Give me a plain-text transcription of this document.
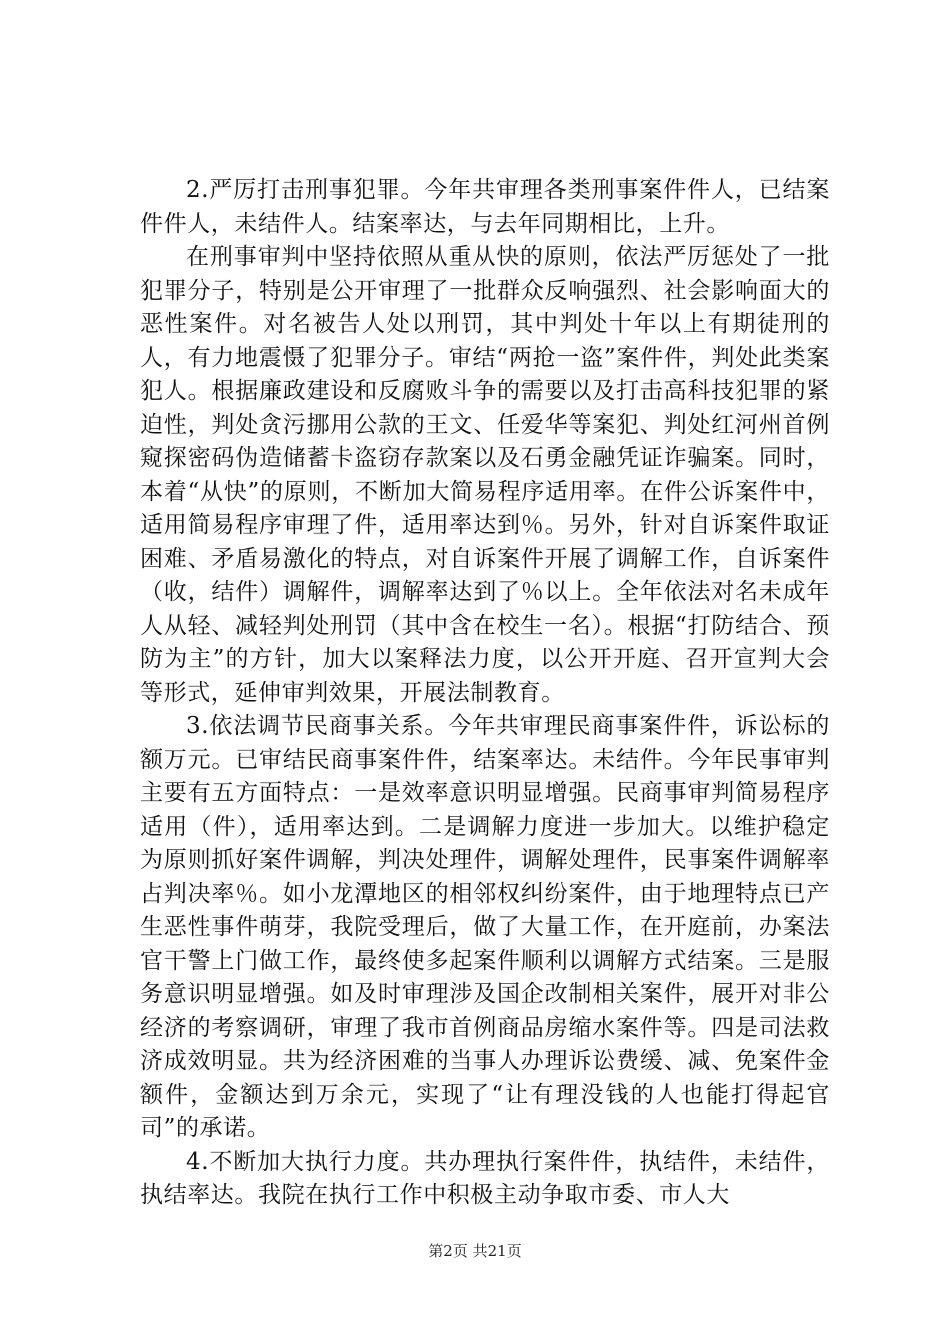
2.严厉打击刑事犯罪。今年共审理各类刑事案件件人，已结案件件人，未结件人。结案率达，与去年同期相比，上升。

在刑事审判中坚持依照从重从快的原则，依法严厉惩处了一批犯罪分子，特别是公开审理了一批群众反响强烈、社会影响面大的恶性案件。对名被告人处以刑罚，其中判处十年以上有期徒刑的人，有力地震慑了犯罪分子。审结“两抢一盗”案件件，判处此类案犯人。根据廉政建设和反腐败斗争的需要以及打击高科技犯罪的紧迫性，判处贪污挪用公款的王文、任爱华等案犯、判处红河州首例窥探密码伪造储蓄卡盗窃存款案以及石勇金融凭证诈骗案。同时，本着“从快”的原则，不断加大简易程序适用率。在件公诉案件中，适用简易程序审理了件，适用率达到％。另外，针对自诉案件取证困难、矛盾易激化的特点，对自诉案件开展了调解工作，自诉案件（收，结件）调解件，调解率达到了％以上。全年依法对名未成年人从轻、减轻判处刑罚（其中含在校生一名）。根据“打防结合、预防为主”的方针，加大以案释法力度，以公开开庭、召开宣判大会等形式，延伸审判效果，开展法制教育。

3.依法调节民商事关系。今年共审理民商事案件件，诉讼标的额万元。已审结民商事案件件，结案率达。未结件。今年民事审判主要有五方面特点：一是效率意识明显增强。民商事审判简易程序适用（件），适用率达到。二是调解力度进一步加大。以维护稳定为原则抓好案件调解，判决处理件，调解处理件，民事案件调解率占判决率％。如小龙潭地区的相邻权纠纷案件，由于地理特点已产生恶性事件萌芽，我院受理后，做了大量工作，在开庭前，办案法官干警上门做工作，最终使多起案件顺利以调解方式结案。三是服务意识明显增强。如及时审理涉及国企改制相关案件，展开对非公经济的考察调研，审理了我市首例商品房缩水案件等。四是司法救济成效明显。共为经济困难的当事人办理诉讼费缓、减、免案件金额件，金额达到万余元，实现了“让有理没钱的人也能打得起官司”的承诺。

4.不断加大执行力度。共办理执行案件件，执结件，未结件，执结率达。我院在执行工作中积极主动争取市委、市人大

第2页 共21页
